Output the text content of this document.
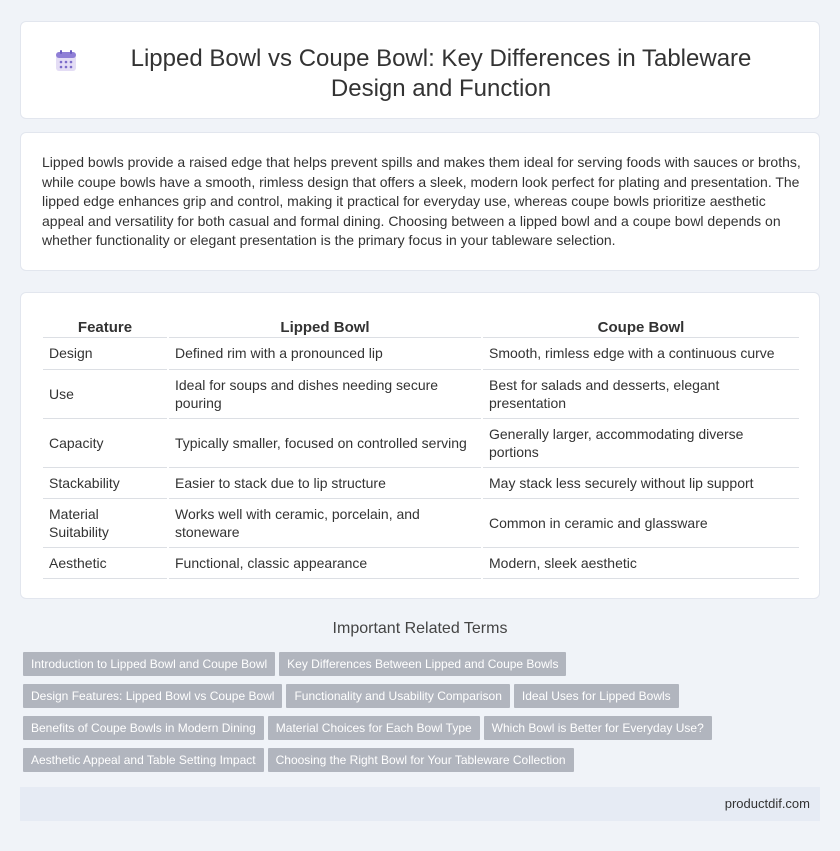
Lipped Bowl vs Coupe Bowl: Key Differences in Tableware Design and Function

Lipped bowls provide a raised edge that helps prevent spills and makes them ideal for serving foods with sauces or broths, while coupe bowls have a smooth, rimless design that offers a sleek, modern look perfect for plating and presentation. The lipped edge enhances grip and control, making it practical for everyday use, whereas coupe bowls prioritize aesthetic appeal and versatility for both casual and formal dining. Choosing between a lipped bowl and a coupe bowl depends on whether functionality or elegant presentation is the primary focus in your tableware selection.

Feature	Lipped Bowl	Coupe Bowl
Design	Defined rim with a pronounced lip	Smooth, rimless edge with a continuous curve
Use	Ideal for soups and dishes needing secure pouring	Best for salads and desserts, elegant presentation
Capacity	Typically smaller, focused on controlled serving	Generally larger, accommodating diverse portions
Stackability	Easier to stack due to lip structure	May stack less securely without lip support
Material Suitability	Works well with ceramic, porcelain, and stoneware	Common in ceramic and glassware
Aesthetic	Functional, classic appearance	Modern, sleek aesthetic
Important Related Terms
Introduction to Lipped Bowl and Coupe Bowl Key Differences Between Lipped and Coupe Bowls
Design Features: Lipped Bowl vs Coupe Bowl Functionality and Usability Comparison Ideal Uses for Lipped Bowls
Benefits of Coupe Bowls in Modern Dining Material Choices for Each Bowl Type Which Bowl is Better for Everyday Use?
Aesthetic Appeal and Table Setting Impact Choosing the Right Bowl for Your Tableware Collection
productdif.com
